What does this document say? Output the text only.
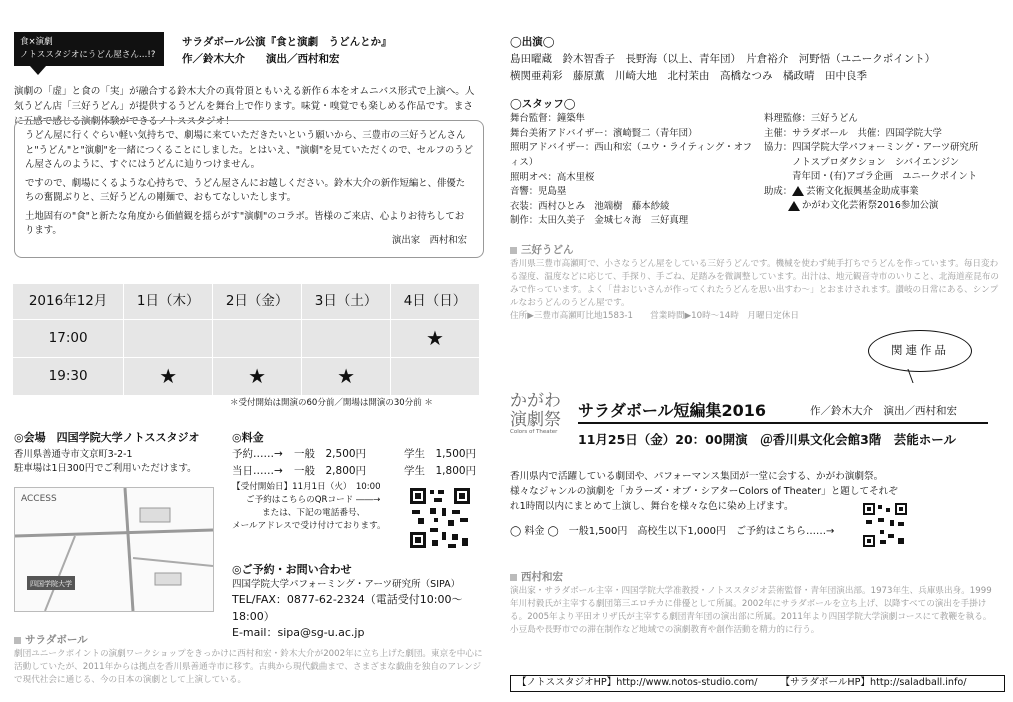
食×演劇
ノトススタジオにうどん屋さん…!?
サラダボール公演『食と演劇　うどんとか』
作／鈴木大介　　演出／西村和宏
演劇の「虚」と食の「実」が融合する鈴木大介の真骨頂ともいえる新作６本をオムニバス形式で上演へ。人気うどん店「三好うどん」が提供するうどんを舞台上で作ります。味覚・嗅覚でも楽しめる作品です。まさに五感で感じる演劇体験ができるノトススタジオ！

うどん屋に行くぐらい軽い気持ちで、劇場に来ていただきたいという願いから、三豊市の三好うどんさんと"うどん"と"演劇"を一緒につくることにしました。とはいえ、"演劇"を見ていただくので、セルフのうどん屋さんのように、すぐにはうどんに辿りつけません。

ですので、劇場にくるような心持ちで、うどん屋さんにお越しください。鈴木大介の新作短編と、俳優たちの奮闘ぶりと、三好うどんの剛麺で、おもてなしいたします。

土地固有の"食"と新たな角度から価値観を揺らがす"演劇"のコラボ。皆様のご来店、心よりお待ちしております。

演出家　西村和宏
2016年12月	1日（木）	2日（金）	3日（土）	4日（日）
17:00				★
19:30	★	★	★	
＊受付開始は開演の60分前／開場は開演の30分前 ＊
◎会場　四国学院大学ノトススタジオ
香川県善通寺市文京町3-2-1
駐車場は1日300円でご利用いただけます。
ACCESS
四国学院大学
◎料金
予約‥‥‥→	一般　2,500円	学生　1,500円
当日‥‥‥→	一般　2,800円	学生　1,800円
【受付開始日】11月1日（火）　10:00
ご予約はこちらのQRコード ――→
または、下記の電話番号、
メールアドレスで受け付けております。
◎ご予約・お問い合わせ
四国学院大学パフォーミング・アーツ研究所（SIPA）
TEL/FAX：0877-62-2324（電話受付10:00～18:00）
E-mail：sipa@sg-u.ac.jp
サラダボール
劇団ユニークポイントの演劇ワークショップをきっかけに西村和宏・鈴木大介が2002年に立ち上げた劇団。東京を中心に活動していたが、2011年からは拠点を香川県善通寺市に移す。古典から現代戯曲まで、さまざまな戯曲を独自のアレンジで現代社会に通じる、今の日本の演劇として上演している。
◯出演◯
島田曜蔵　鈴木智香子　長野海（以上、青年団）　片倉裕介　河野悟（ユニークポイント）
横関亜莉彩　藤原薫　川崎大地　北村茉由　高橋なつみ　橘政晴　田中良季
◯スタッフ◯
舞台監督：鐘築隼
舞台美術アドバイザー：濱崎賢二（青年団）
照明アドバイザー：西山和宏（ユウ・ライティング・オフィス）
照明オペ：高木里桜
音響：児島塁
衣装：西村ひとみ　池端樹　藤本紗綾
制作：太田久美子　金城七々海　三好真理
料理監修：三好うどん
主催：サラダボール　共催：四国学院大学
協力：四国学院大学パフォーミング・アーツ研究所
　　　ノトスプロダクション　シバイエンジン
　　　青年団・(有)アゴラ企画　ユニークポイント
助成： 芸術文化振興基金助成事業
かがわ文化芸術祭2016参加公演
三好うどん
香川県三豊市高瀬町で、小さなうどん屋をしている三好うどんです。機械を使わず純手打ちでうどんを作っています。毎日変わる湿度、温度などに応じて、手探り、手ごね、足踏みを微調整しています。出汁は、地元観音寺市のいりこと、北海道産昆布のみで作っています。よく「昔おじいさんが作ってくれたうどんを思い出すわ～」とおまけされます。讃岐の日常にある、シンプルなおうどんのうどん屋です。
住所▶三豊市高瀬町比地1583-1　　営業時間▶10時～14時　月曜日定休日
関連作品
かがわ
演劇祭
Colors of Theater
サラダボール短編集2016	作／鈴木大介　演出／西村和宏
11月25日（金）20：00開演　＠香川県文化会館3階　芸能ホール
香川県内で活躍している劇団や、パフォーマンス集団が一堂に会する、かがわ演劇祭。様々なジャンルの演劇を「カラーズ・オブ・シアターColors of Theater」と題してそれぞれ1時間以内にまとめて上演し、舞台を様々な色に染め上げます。
◯ 料金 ◯　一般1,500円　高校生以下1,000円　ご予約はこちら‥‥‥→
西村和宏
演出家・サラダボール主宰・四国学院大学准教授・ノトススタジオ芸術監督・青年団演出部。1973年生、兵庫県出身。1999年川村毅氏が主宰する劇団第三エロチカに俳優として所属。2002年にサラダボールを立ち上げ、以降すべての演出を手掛ける。2005年より平田オリザ氏が主宰する劇団青年団の演出部に所属。2011年より四国学院大学演劇コースにて教鞭を執る。小豆島や長野市での滞在制作など地域での演劇教育や創作活動を精力的に行う。
【ノトススタジオHP】http://www.notos-studio.com/ 【サラダボールHP】http://saladball.info/
